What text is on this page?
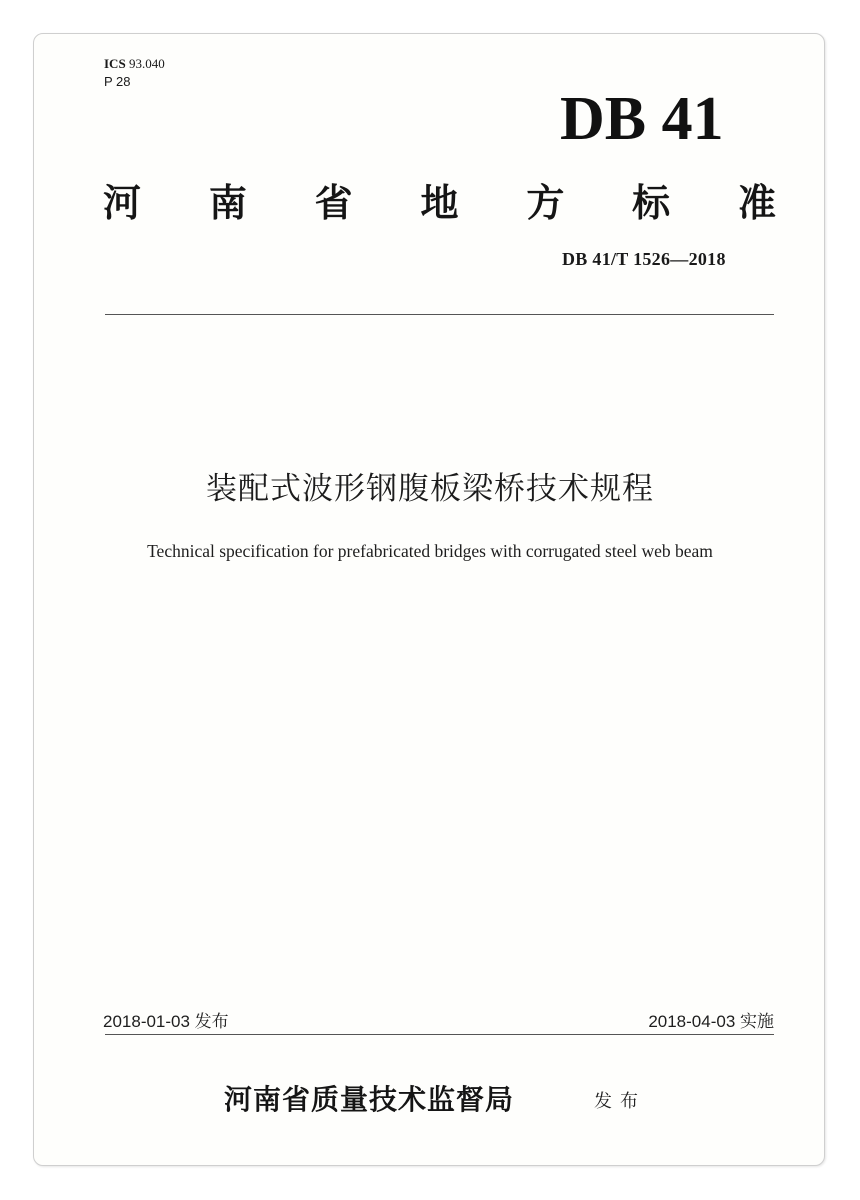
ICS 93.040
P 28
DB 41
河 南 省 地 方 标 准
DB 41/T 1526—2018
装配式波形钢腹板梁桥技术规程
Technical specification for prefabricated bridges with corrugated steel web beam
2018-01-03 发布	2018-04-03 实施
河南省质量技术监督局	发布
